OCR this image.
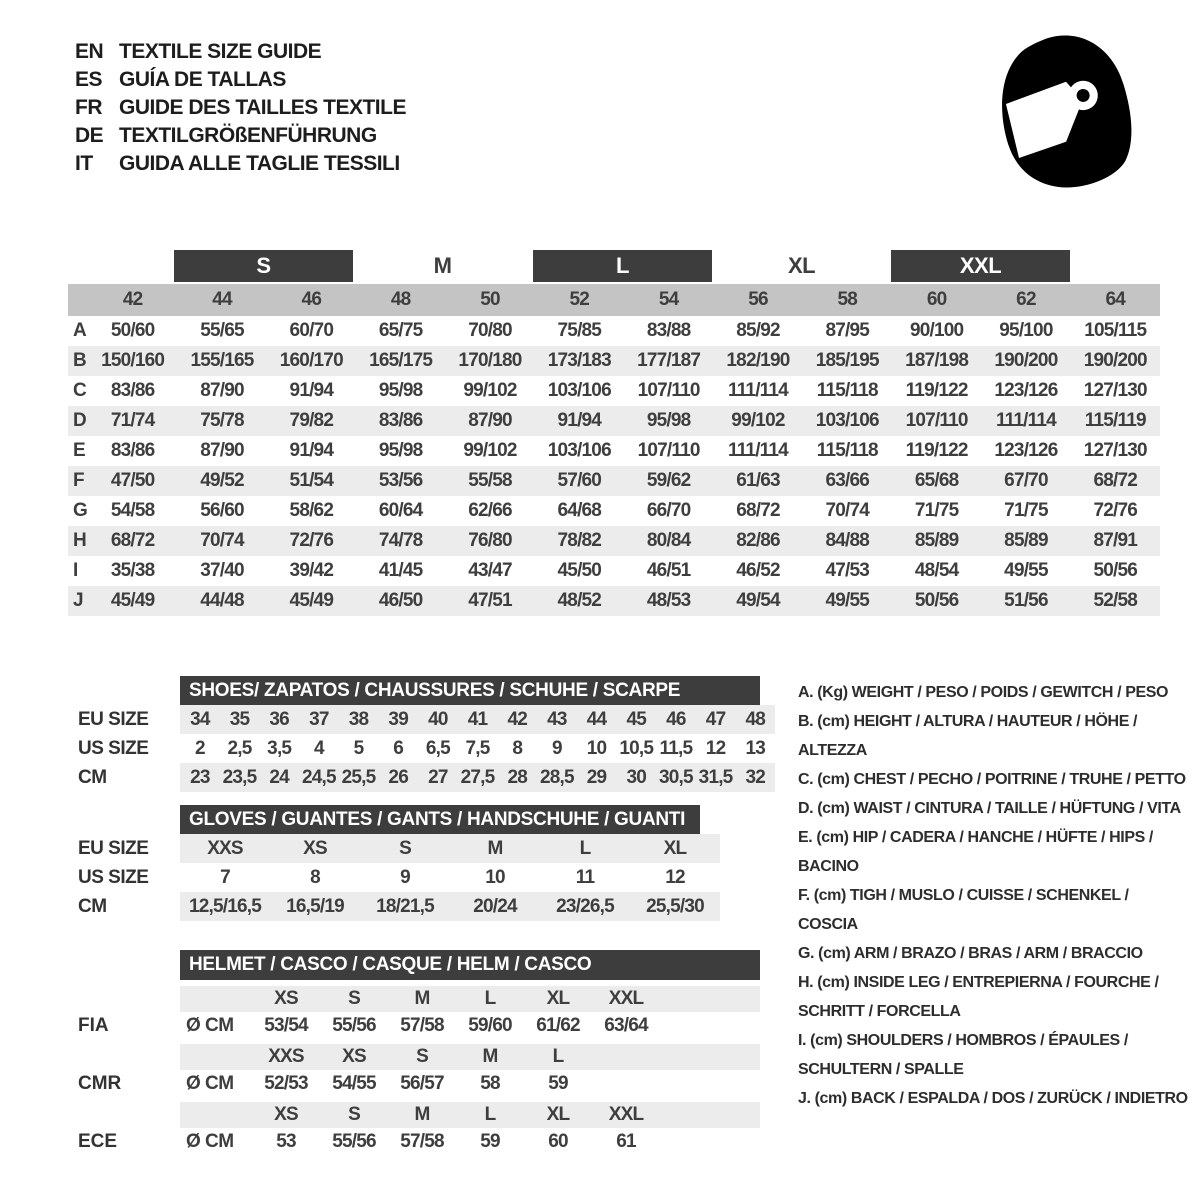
EN TEXTILE SIZE GUIDE
ES GUÍA DE TALLAS
FR GUIDE DES TAILLES TEXTILE
DE TEXTILGRÖßENFÜHRUNG
IT	GUIDA ALLE TAGLIE TESSILI
S	M	L	XL	XXL
42	44	46	48	50	52	54	56	58	60	62	64
A	50/60	55/65	60/70	65/75	70/80	75/85	83/88	85/92	87/95	90/100	95/100	105/115
B 150/160	155/165	160/170	165/175	170/180	173/183	177/187	182/190	185/195	187/198	190/200	190/200
C	83/86	87/90	91/94	95/98	99/102	103/106	107/110	111/114	115/118	119/122	123/126	127/130
D	71/74	75/78	79/82	83/86	87/90	91/94	95/98	99/102	103/106	107/110	111/114	115/119
E	83/86	87/90	91/94	95/98	99/102	103/106	107/110	111/114	115/118	119/122	123/126	127/130
F	47/50	49/52	51/54	53/56	55/58	57/60	59/62	61/63	63/66	65/68	67/70	68/72
G	54/58	56/60	58/62	60/64	62/66	64/68	66/70	68/72	70/74	71/75	71/75	72/76
H	68/72	70/74	72/76	74/78	76/80	78/82	80/84	82/86	84/88	85/89	85/89	87/91
I	35/38	37/40	39/42	41/45	43/47	45/50	46/51	46/52	47/53	48/54	49/55	50/56
J	45/49	44/48	45/49	46/50	47/51	48/52	48/53	49/54	49/55	50/56	51/56	52/58
SHOES/ ZAPATOS / CHAUSSURES / SCHUHE / SCARPE
EU SIZE	34	35	36	37	38	39	40	41	42	43	44	45	46	47	48
US SIZE	2	2,5 3,5	4	5	6	6,5 7,5	8	9	10 10,5 11,5 12	13
CM	23 23,5 24 24,5 25,5 26	27 27,5 28 28,5 29	30 30,5 31,5 32
GLOVES / GUANTES / GANTS / HANDSCHUHE / GUANTI
EU SIZE	XXS	XS	S	M	L	XL
US SIZE	7	8	9	10	11	12
CM	12,5/16,5	16,5/19	18/21,5	20/24	23/26,5	25,5/30
HELMET / CASCO / CASQUE / HELM / CASCO
XS	S	M	L	XL	XXL
FIA	Ø CM	53/54	55/56	57/58	59/60	61/62	63/64
XXS	XS	S	M	L
CMR	Ø CM	52/53	54/55	56/57	58	59
XS	S	M	L	XL	XXL
ECE	Ø CM	53	55/56	57/58	59	60	61
A. (Kg) WEIGHT / PESO / POIDS / GEWITCH / PESO
B. (cm) HEIGHT / ALTURA / HAUTEUR / HÖHE / ALTEZZA
C. (cm) CHEST / PECHO / POITRINE / TRUHE / PETTO
D. (cm) WAIST / CINTURA / TAILLE / HÜFTUNG / VITA
E. (cm) HIP / CADERA / HANCHE / HÜFTE / HIPS / BACINO
F. (cm) TIGH / MUSLO / CUISSE / SCHENKEL / COSCIA
G. (cm) ARM / BRAZO / BRAS / ARM / BRACCIO
H. (cm) INSIDE LEG / ENTREPIERNA / FOURCHE /
SCHRITT / FORCELLA
I. (cm) SHOULDERS / HOMBROS / ÉPAULES /
SCHULTERN / SPALLE
J. (cm) BACK / ESPALDA / DOS / ZURÜCK / INDIETRO
